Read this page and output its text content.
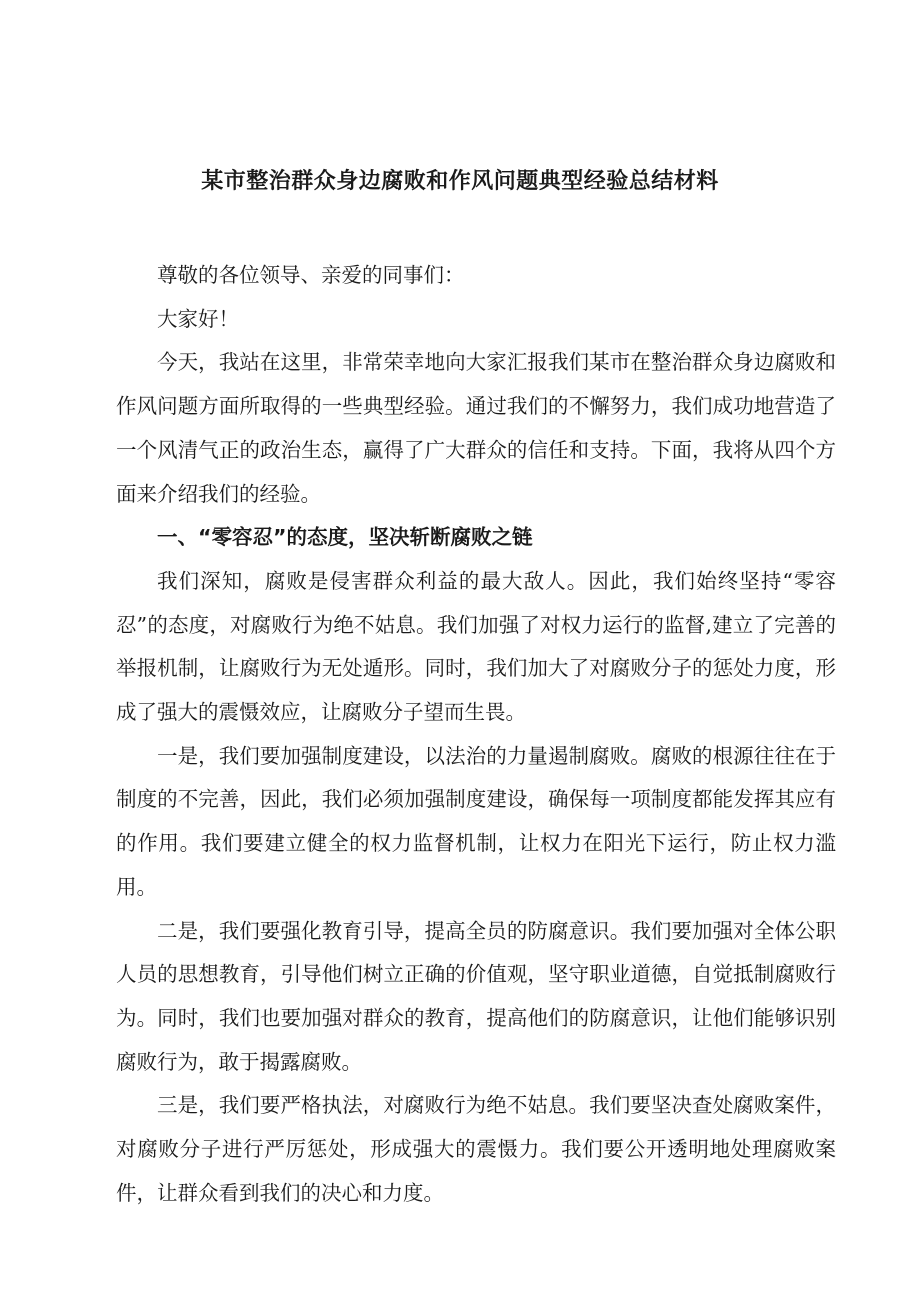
某市整治群众身边腐败和作风问题典型经验总结材料

尊敬的各位领导、亲爱的同事们：

大家好！

今天，我站在这里，非常荣幸地向大家汇报我们某市在整治群众身边腐败和作风问题方面所取得的一些典型经验。通过我们的不懈努力，我们成功地营造了一个风清气正的政治生态，赢得了广大群众的信任和支持。下面，我将从四个方面来介绍我们的经验。

一、“零容忍”的态度，坚决斩断腐败之链

我们深知，腐败是侵害群众利益的最大敌人。因此，我们始终坚持“零容忍”的态度，对腐败行为绝不姑息。我们加强了对权力运行的监督,建立了完善的举报机制，让腐败行为无处遁形。同时，我们加大了对腐败分子的惩处力度，形成了强大的震慑效应，让腐败分子望而生畏。

一是，我们要加强制度建设，以法治的力量遏制腐败。腐败的根源往往在于制度的不完善，因此，我们必须加强制度建设，确保每一项制度都能发挥其应有的作用。我们要建立健全的权力监督机制，让权力在阳光下运行，防止权力滥用。

二是，我们要强化教育引导，提高全员的防腐意识。我们要加强对全体公职人员的思想教育，引导他们树立正确的价值观，坚守职业道德，自觉抵制腐败行为。同时，我们也要加强对群众的教育，提高他们的防腐意识，让他们能够识别腐败行为，敢于揭露腐败。

三是，我们要严格执法，对腐败行为绝不姑息。我们要坚决查处腐败案件，对腐败分子进行严厉惩处，形成强大的震慑力。我们要公开透明地处理腐败案件，让群众看到我们的决心和力度。
